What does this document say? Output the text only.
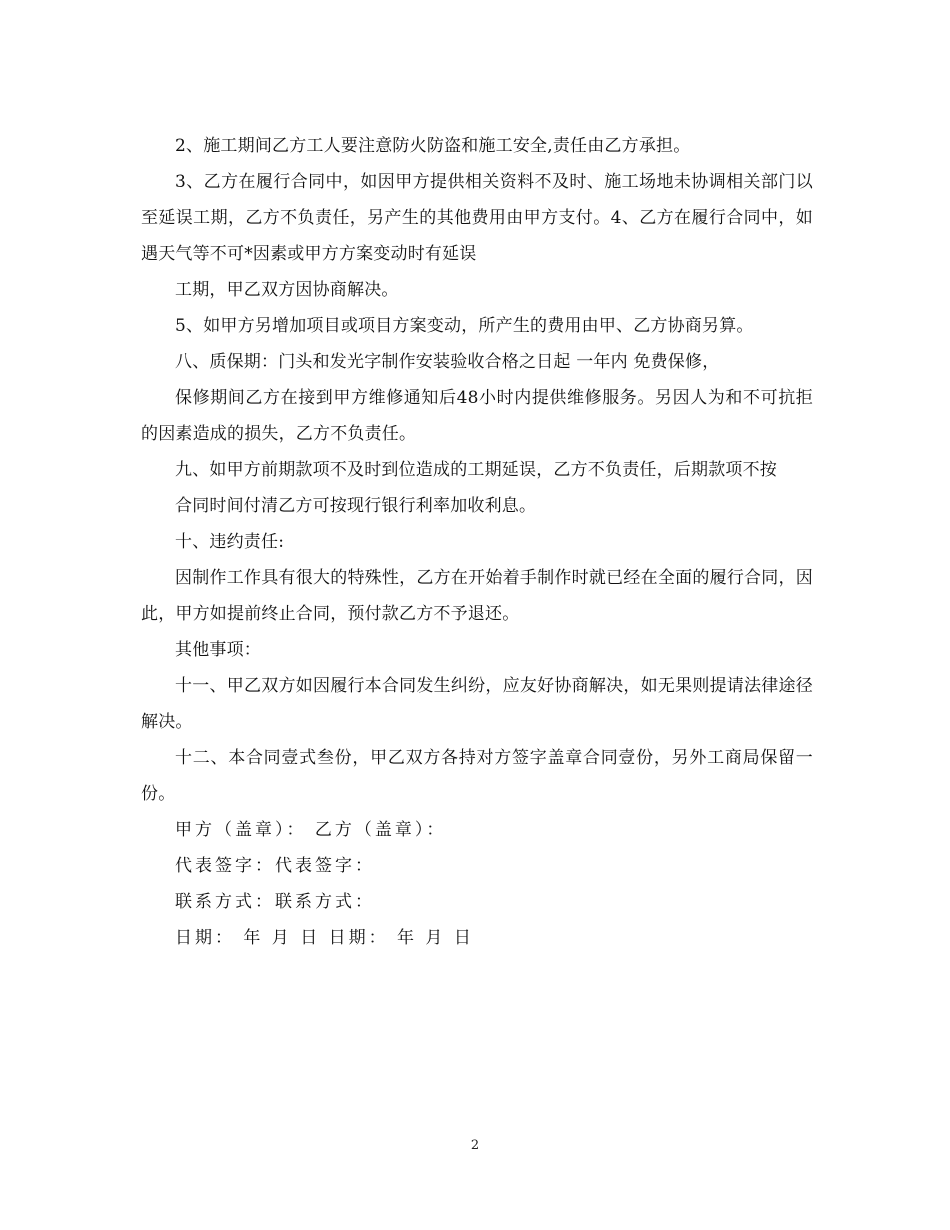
2、施工期间乙方工人要注意防火防盗和施工安全,责任由乙方承担。

3、乙方在履行合同中，如因甲方提供相关资料不及时、施工场地未协调相关部门以至延误工期，乙方不负责任，另产生的其他费用由甲方支付。4、乙方在履行合同中，如遇天气等不可*因素或甲方方案变动时有延误

工期，甲乙双方因协商解决。

5、如甲方另增加项目或项目方案变动，所产生的费用由甲、乙方协商另算。

八、质保期：门头和发光字制作安装验收合格之日起 一年内 免费保修，

保修期间乙方在接到甲方维修通知后48小时内提供维修服务。另因人为和不可抗拒的因素造成的损失，乙方不负责任。

九、如甲方前期款项不及时到位造成的工期延误，乙方不负责任，后期款项不按

合同时间付清乙方可按现行银行利率加收利息。

十、违约责任:

因制作工作具有很大的特殊性，乙方在开始着手制作时就已经在全面的履行合同，因此，甲方如提前终止合同，预付款乙方不予退还。

其他事项：

十一、甲乙双方如因履行本合同发生纠纷，应友好协商解决，如无果则提请法律途径解决。

十二、本合同壹式叁份，甲乙双方各持对方签字盖章合同壹份，另外工商局保留一份。

甲方（盖章）： 乙方（盖章）：

代表签字：代表签字：

联系方式：联系方式：

日期： 年 月 日 日期： 年 月 日

2
